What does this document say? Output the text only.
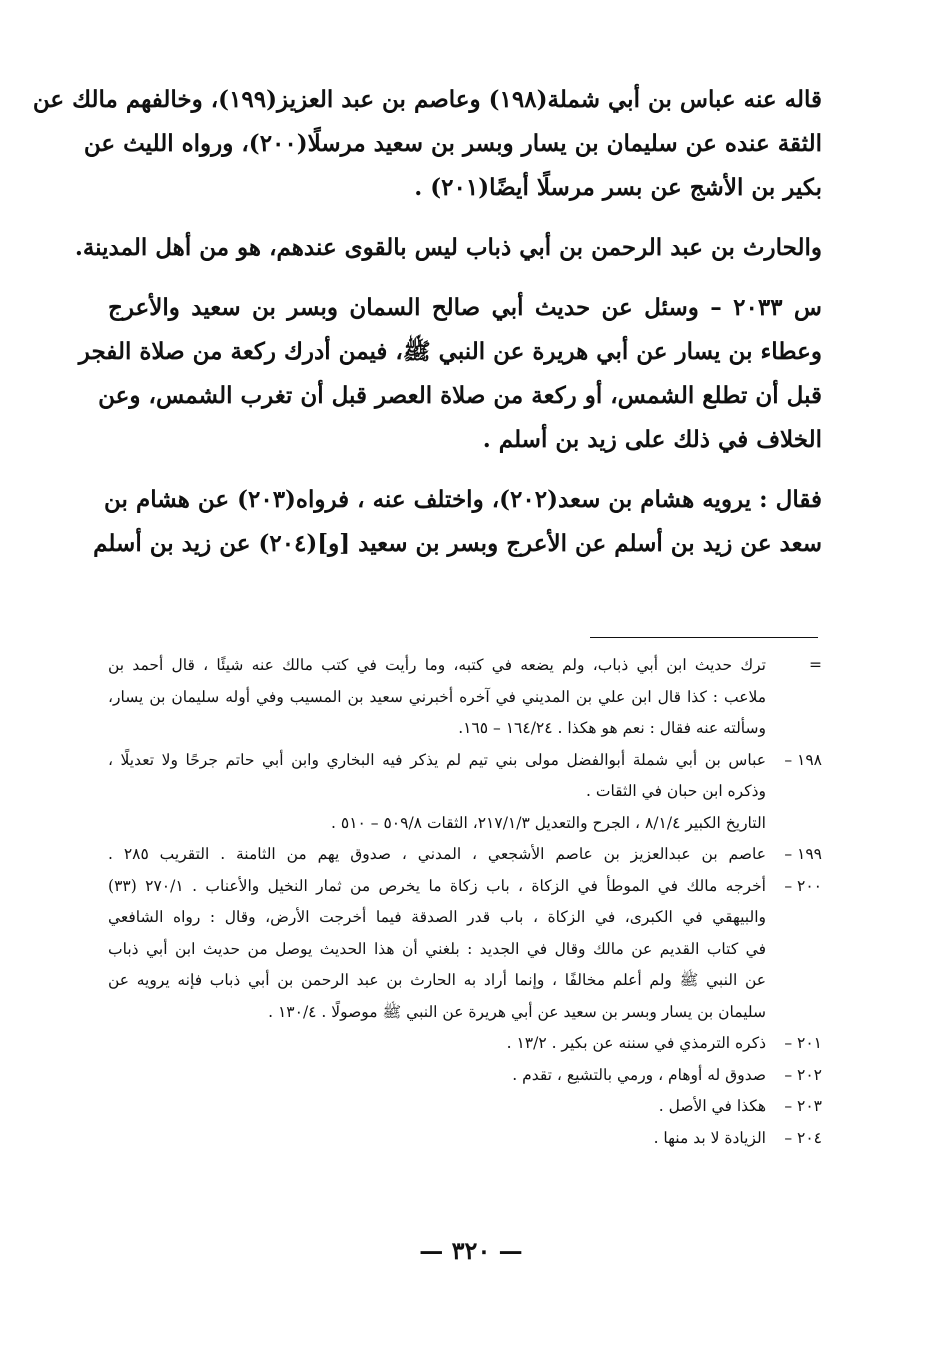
قاله عنه عباس بن أبي شملة(١٩٨) وعاصم بن عبد العزيز(١٩٩)، وخالفهم مالك عن
الثقة عنده عن سليمان بن يسار وبسر بن سعيد مرسلًا(٢٠٠)، ورواه الليث عن
بكير بن الأشج عن بسر مرسلًا أيضًا(٢٠١) .
والحارث بن عبد الرحمن بن أبي ذباب ليس بالقوى عندهم، هو من أهل المدينة.
س ٢٠٣٣ – وسئل عن حديث أبي صالح السمان وبسر بن سعيد والأعرج
وعطاء بن يسار عن أبي هريرة عن النبي ﷺ، فيمن أدرك ركعة من صلاة الفجر
قبل أن تطلع الشمس، أو ركعة من صلاة العصر قبل أن تغرب الشمس، وعن
الخلاف في ذلك على زيد بن أسلم .
فقال : يرويه هشام بن سعد(٢٠٢)، واختلف عنه ، فرواه(٢٠٣) عن هشام بن
سعد عن زيد بن أسلم عن الأعرج وبسر بن سعيد [و](٢٠٤) عن زيد بن أسلم
=
ترك حديث ابن أبي ذباب، ولم يضعه في كتبه، وما رأيت في كتب مالك عنه شيئًا ، قال أحمد بن
ملاعب : كذا قال ابن علي بن المديني في آخره أخبرني سعيد بن المسيب وفي أوله سليمان بن يسار،
وسألته عنه فقال : نعم هو هكذا . ١٦٤/٢٤ – ١٦٥.
١٩٨ –
عباس بن أبي شملة أبوالفضل مولى بني تيم لم يذكر فيه البخاري وابن أبي حاتم جرحًا ولا تعديلًا ،
وذكره ابن حبان في الثقات .
التاريخ الكبير ٨/١/٤ ، الجرح والتعديل ٢١٧/١/٣، الثقات ٥٠٩/٨ – ٥١٠ .
١٩٩ –
عاصم بن عبدالعزيز بن عاصم الأشجعي ، المدني ، صدوق يهم من الثامنة . التقريب ٢٨٥ .
٢٠٠ –
أخرجه مالك في الموطأ في الزكاة ، باب زكاة ما يخرص من ثمار النخيل والأعناب . ٢٧٠/١ (٣٣)
والبيهقي في الكبرى، في الزكاة ، باب قدر الصدقة فيما أخرجت الأرض، وقال : رواه الشافعي
في كتاب القديم عن مالك وقال في الجديد : بلغني أن هذا الحديث يوصل من حديث ابن أبي ذباب
عن النبي ﷺ ولم أعلم مخالفًا ، وإنما أراد به الحارث بن عبد الرحمن بن أبي ذباب فإنه يرويه عن
سليمان بن يسار وبسر بن سعيد عن أبي هريرة عن النبي ﷺ موصولًا . ١٣٠/٤ .
٢٠١ –
ذكره الترمذي في سننه عن بكير . ١٣/٢ .
٢٠٢ –
صدوق له أوهام ، ورمي بالتشيع ، تقدم .
٢٠٣ –
هكذا في الأصل .
٢٠٤ –
الزيادة لا بد منها .
— ٣٢٠ —
